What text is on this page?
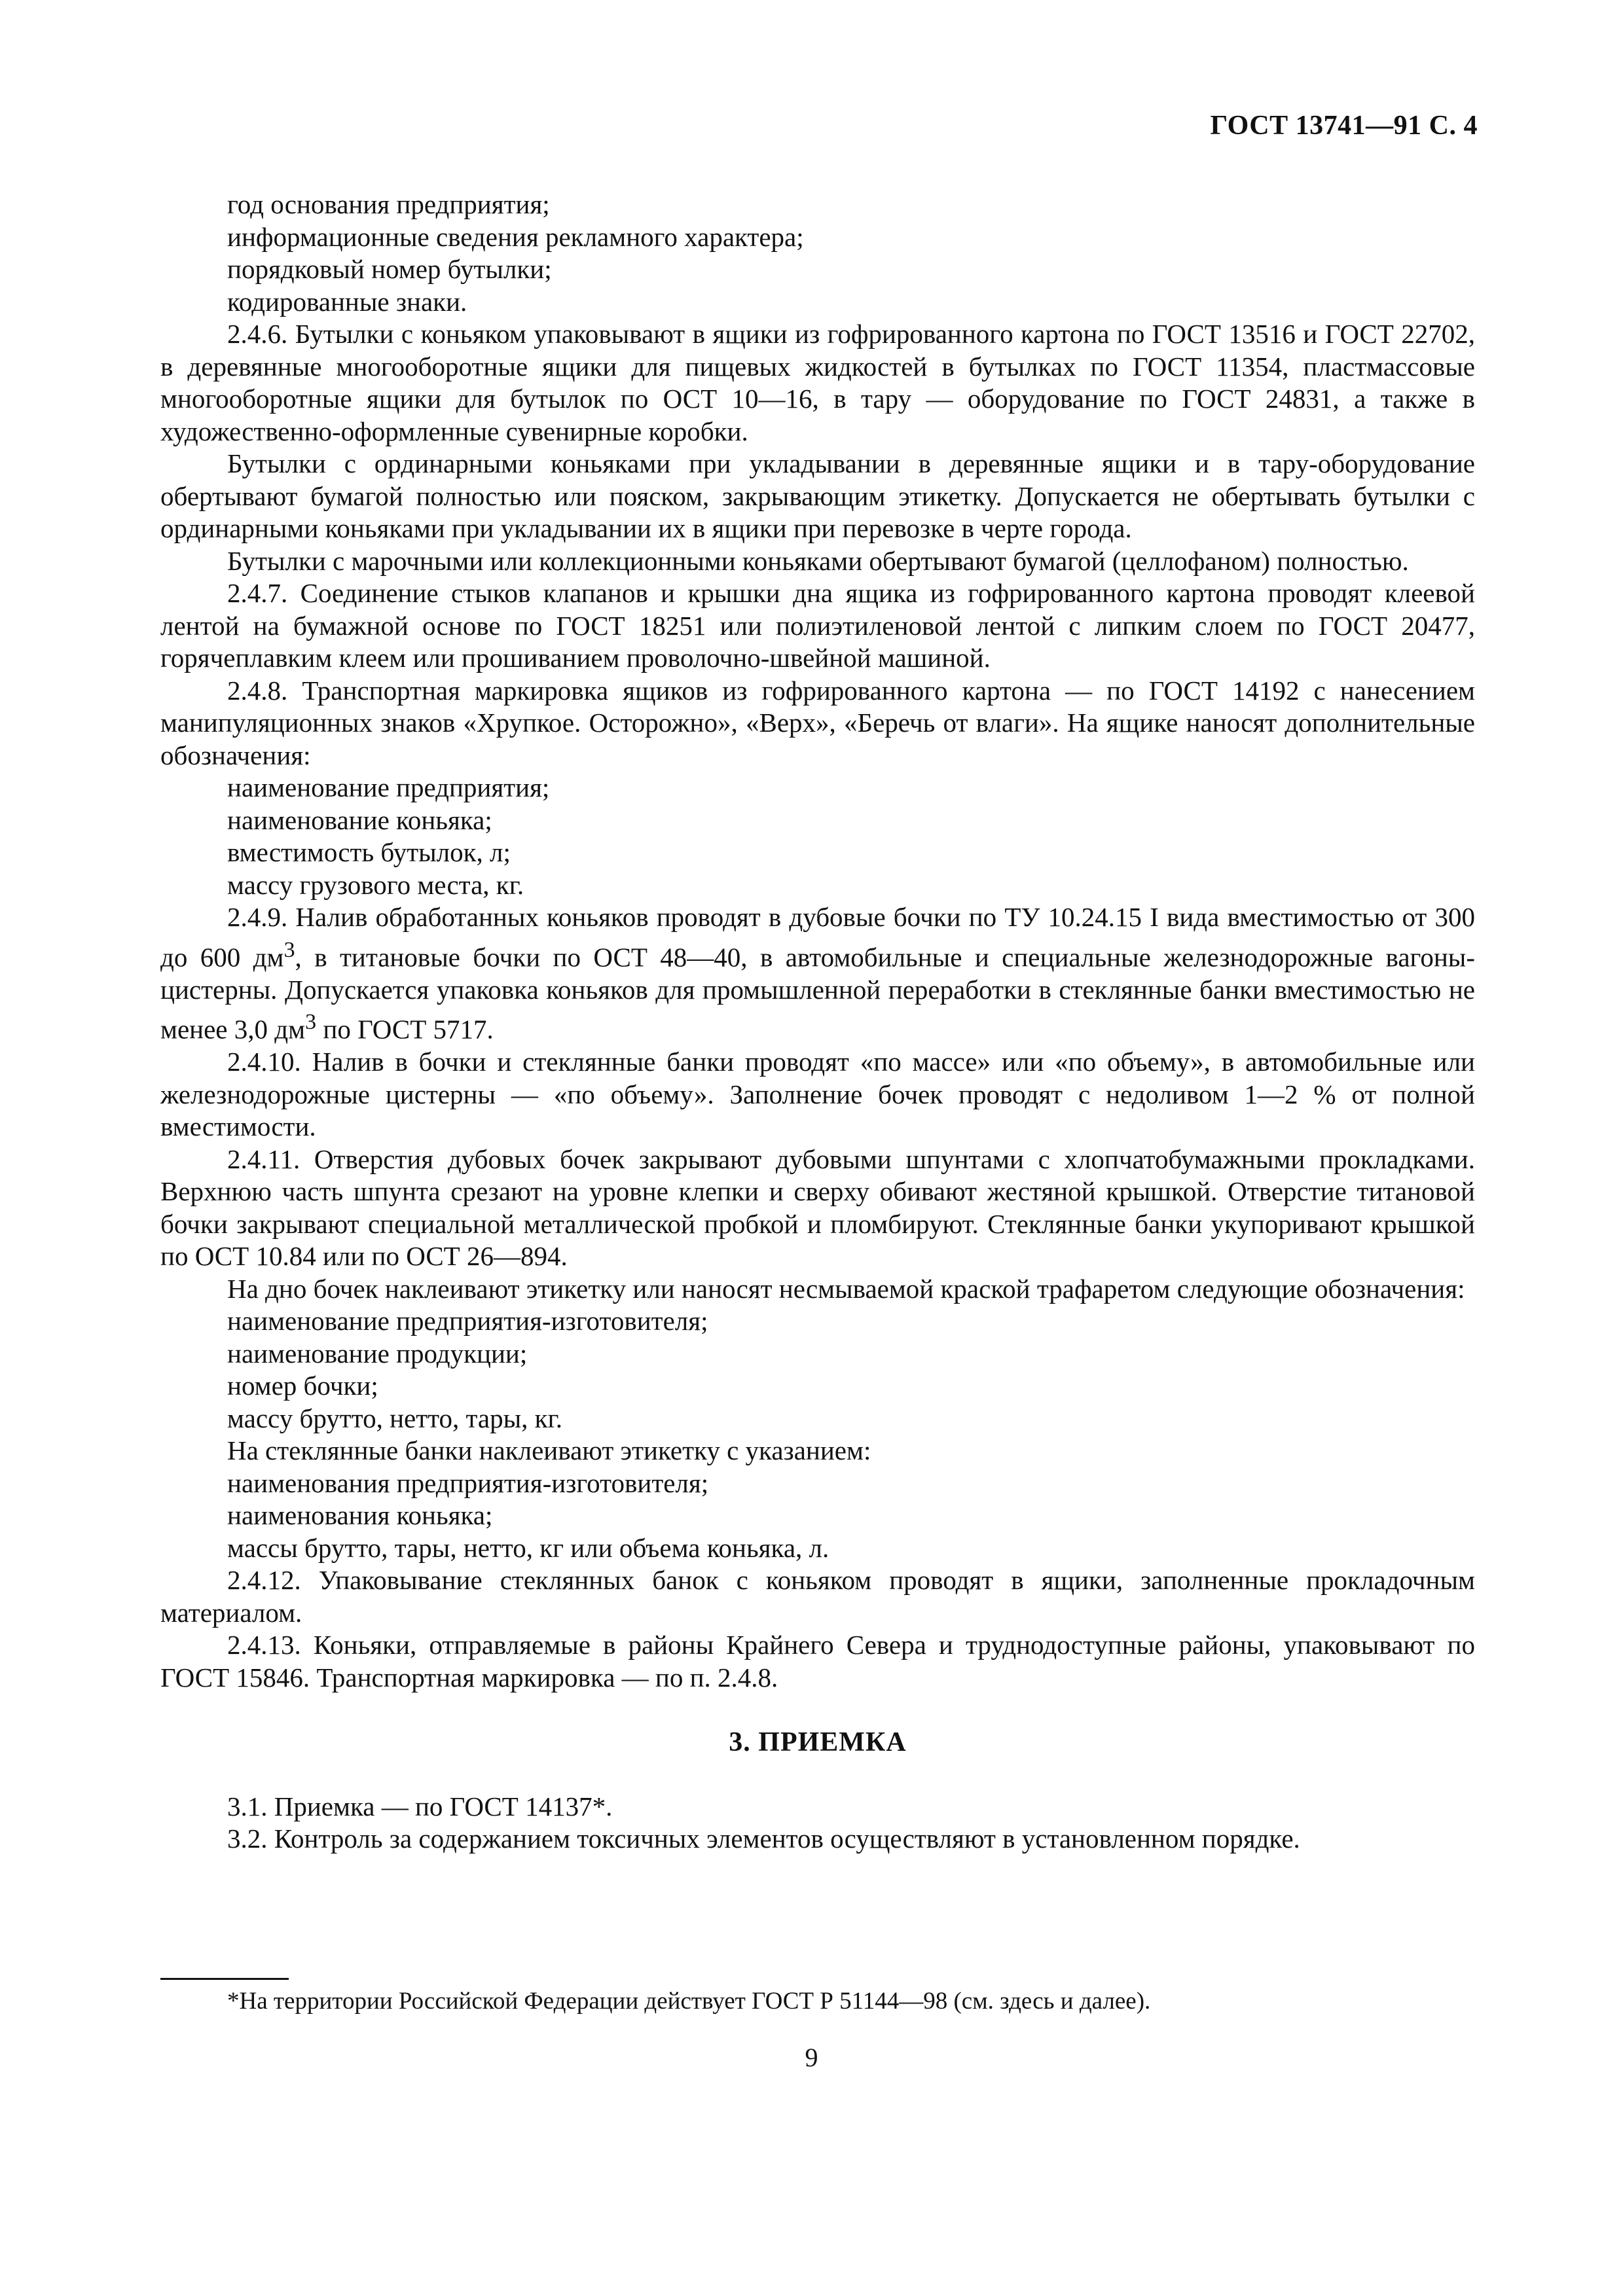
ГОСТ 13741—91 С. 4

год основания предприятия;

информационные сведения рекламного характера;

порядковый номер бутылки;

кодированные знаки.

2.4.6. Бутылки с коньяком упаковывают в ящики из гофрированного картона по ГОСТ 13516 и ГОСТ 22702, в деревянные многооборотные ящики для пищевых жидкостей в бутылках по ГОСТ 11354, пластмассовые многооборотные ящики для бутылок по ОСТ 10—16, в тару — оборудование по ГОСТ 24831, а также в художественно-оформленные сувенирные коробки.

Бутылки с ординарными коньяками при укладывании в деревянные ящики и в тару-оборудование обертывают бумагой полностью или пояском, закрывающим этикетку. Допускается не обертывать бутылки с ординарными коньяками при укладывании их в ящики при перевозке в черте города.

Бутылки с марочными или коллекционными коньяками обертывают бумагой (целлофаном) полностью.

2.4.7. Соединение стыков клапанов и крышки дна ящика из гофрированного картона проводят клеевой лентой на бумажной основе по ГОСТ 18251 или полиэтиленовой лентой с липким слоем по ГОСТ 20477, горячеплавким клеем или прошиванием проволочно-швейной машиной.

2.4.8. Транспортная маркировка ящиков из гофрированного картона — по ГОСТ 14192 с нанесением манипуляционных знаков «Хрупкое. Осторожно», «Верх», «Беречь от влаги». На ящике наносят дополнительные обозначения:

наименование предприятия;

наименование коньяка;

вместимость бутылок, л;

массу грузового места, кг.

2.4.9. Налив обработанных коньяков проводят в дубовые бочки по ТУ 10.24.15 I вида вместимостью от 300 до 600 $дм^3$, в титановые бочки по ОСТ 48—40, в автомобильные и специальные железнодорожные вагоны-цистерны. Допускается упаковка коньяков для промышленной переработки в стеклянные банки вместимостью не менее 3,0 $дм^3$ по ГОСТ 5717.

2.4.10. Налив в бочки и стеклянные банки проводят «по массе» или «по объему», в автомобильные или железнодорожные цистерны — «по объему». Заполнение бочек проводят с недоливом 1—2 % от полной вместимости.

2.4.11. Отверстия дубовых бочек закрывают дубовыми шпунтами с хлопчатобумажными прокладками. Верхнюю часть шпунта срезают на уровне клепки и сверху обивают жестяной крышкой. Отверстие титановой бочки закрывают специальной металлической пробкой и пломбируют. Стеклянные банки укупоривают крышкой по ОСТ 10.84 или по ОСТ 26—894.

На дно бочек наклеивают этикетку или наносят несмываемой краской трафаретом следующие обозначения:

наименование предприятия-изготовителя;

наименование продукции;

номер бочки;

массу брутто, нетто, тары, кг.

На стеклянные банки наклеивают этикетку с указанием:

наименования предприятия-изготовителя;

наименования коньяка;

массы брутто, тары, нетто, кг или объема коньяка, л.

2.4.12. Упаковывание стеклянных банок с коньяком проводят в ящики, заполненные прокладочным материалом.

2.4.13. Коньяки, отправляемые в районы Крайнего Севера и труднодоступные районы, упаковывают по ГОСТ 15846. Транспортная маркировка — по п. 2.4.8.

3. ПРИЕМКА

3.1. Приемка — по ГОСТ 14137*.

3.2. Контроль за содержанием токсичных элементов осуществляют в установленном порядке.

*На территории Российской Федерации действует ГОСТ Р 51144—98 (см. здесь и далее).
9
